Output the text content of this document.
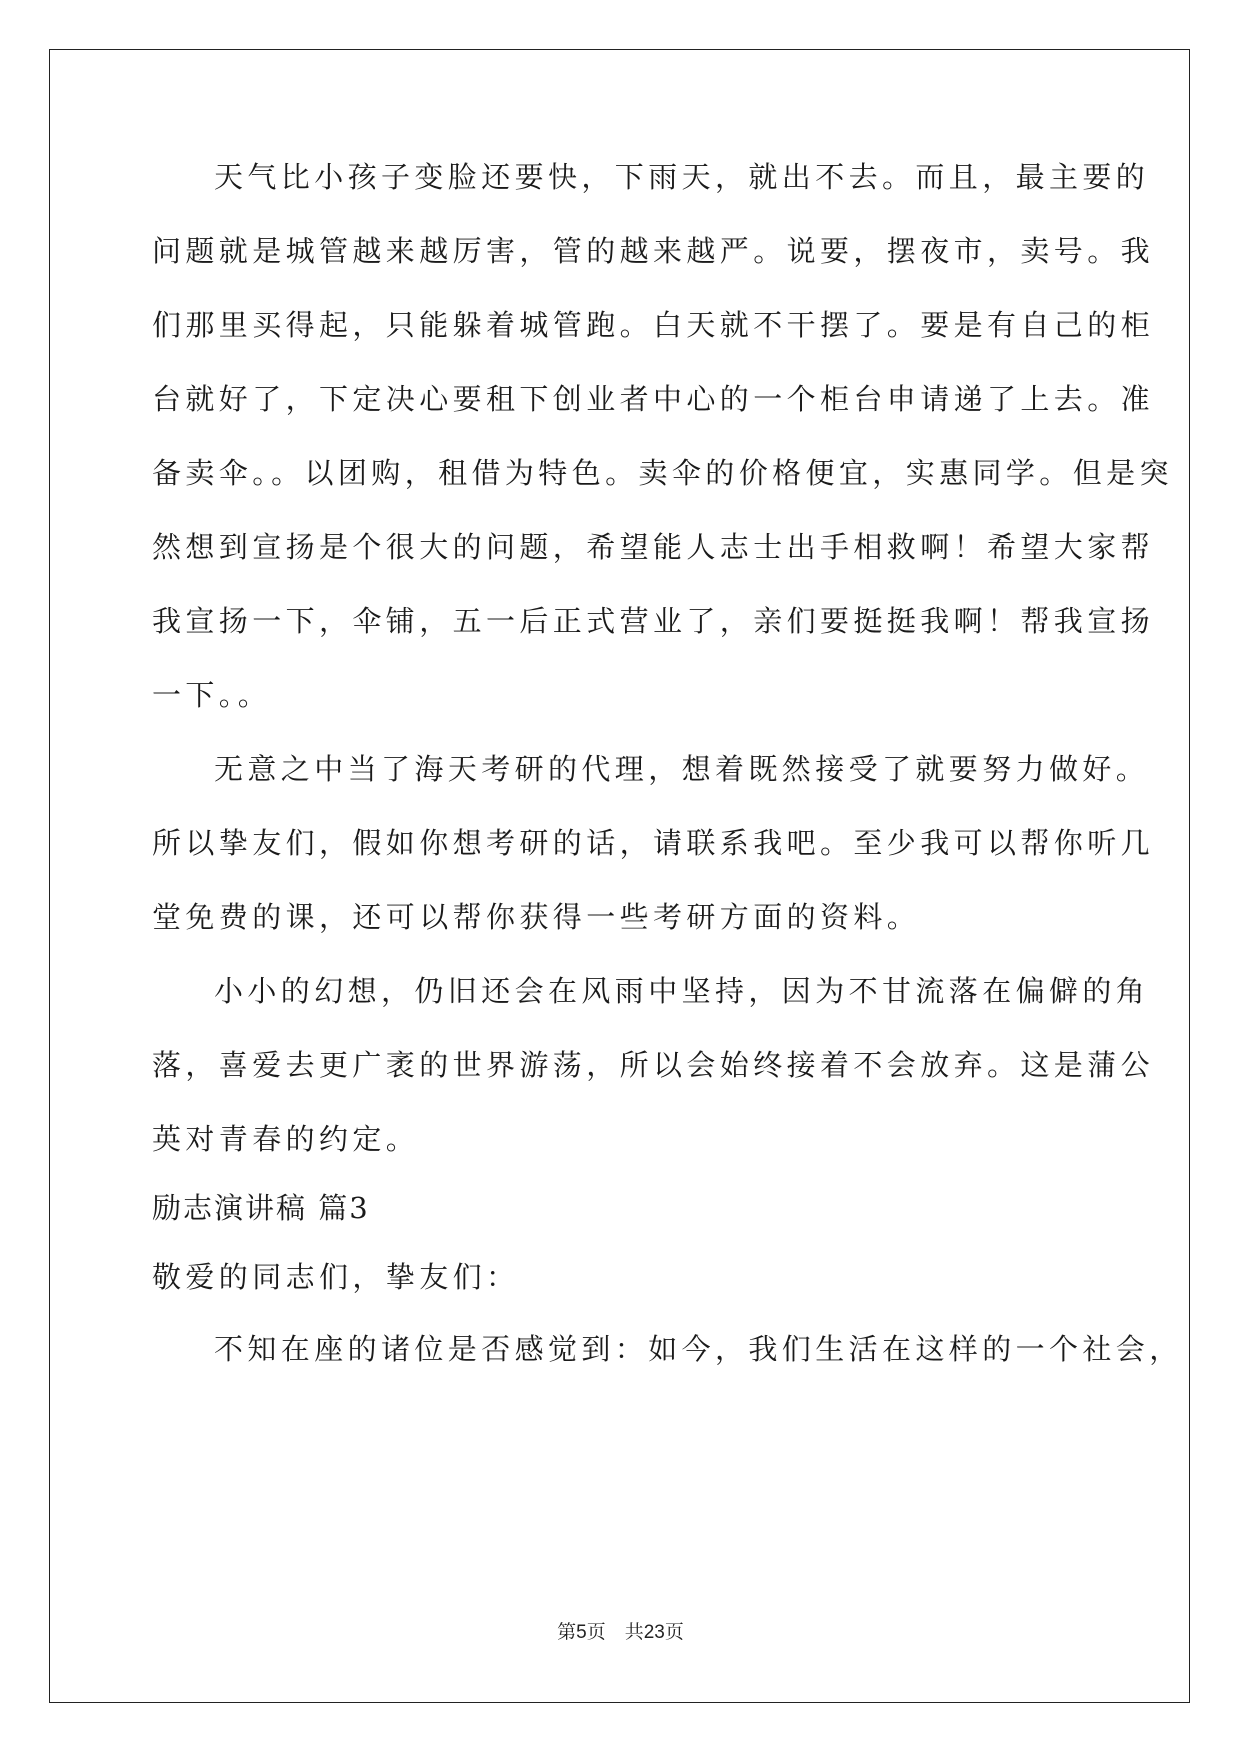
天气比小孩子变脸还要快，下雨天，就出不去。而且，最主要的
问题就是城管越来越厉害，管的越来越严。说要，摆夜市，卖号。我
们那里买得起，只能躲着城管跑。白天就不干摆了。要是有自己的柜
台就好了，下定决心要租下创业者中心的一个柜台申请递了上去。准
备卖伞。。以团购，租借为特色。卖伞的价格便宜，实惠同学。但是突
然想到宣扬是个很大的问题，希望能人志士出手相救啊！希望大家帮
我宣扬一下，伞铺，五一后正式营业了，亲们要挺挺我啊！帮我宣扬
一下。。
无意之中当了海天考研的代理，想着既然接受了就要努力做好。
所以挚友们，假如你想考研的话，请联系我吧。至少我可以帮你听几
堂免费的课，还可以帮你获得一些考研方面的资料。
小小的幻想，仍旧还会在风雨中坚持，因为不甘流落在偏僻的角
落，喜爱去更广袤的世界游荡，所以会始终接着不会放弃。这是蒲公
英对青春的约定。
励志演讲稿 篇3
敬爱的同志们，挚友们：
不知在座的诸位是否感觉到：如今，我们生活在这样的一个社会，
第5页　共23页
